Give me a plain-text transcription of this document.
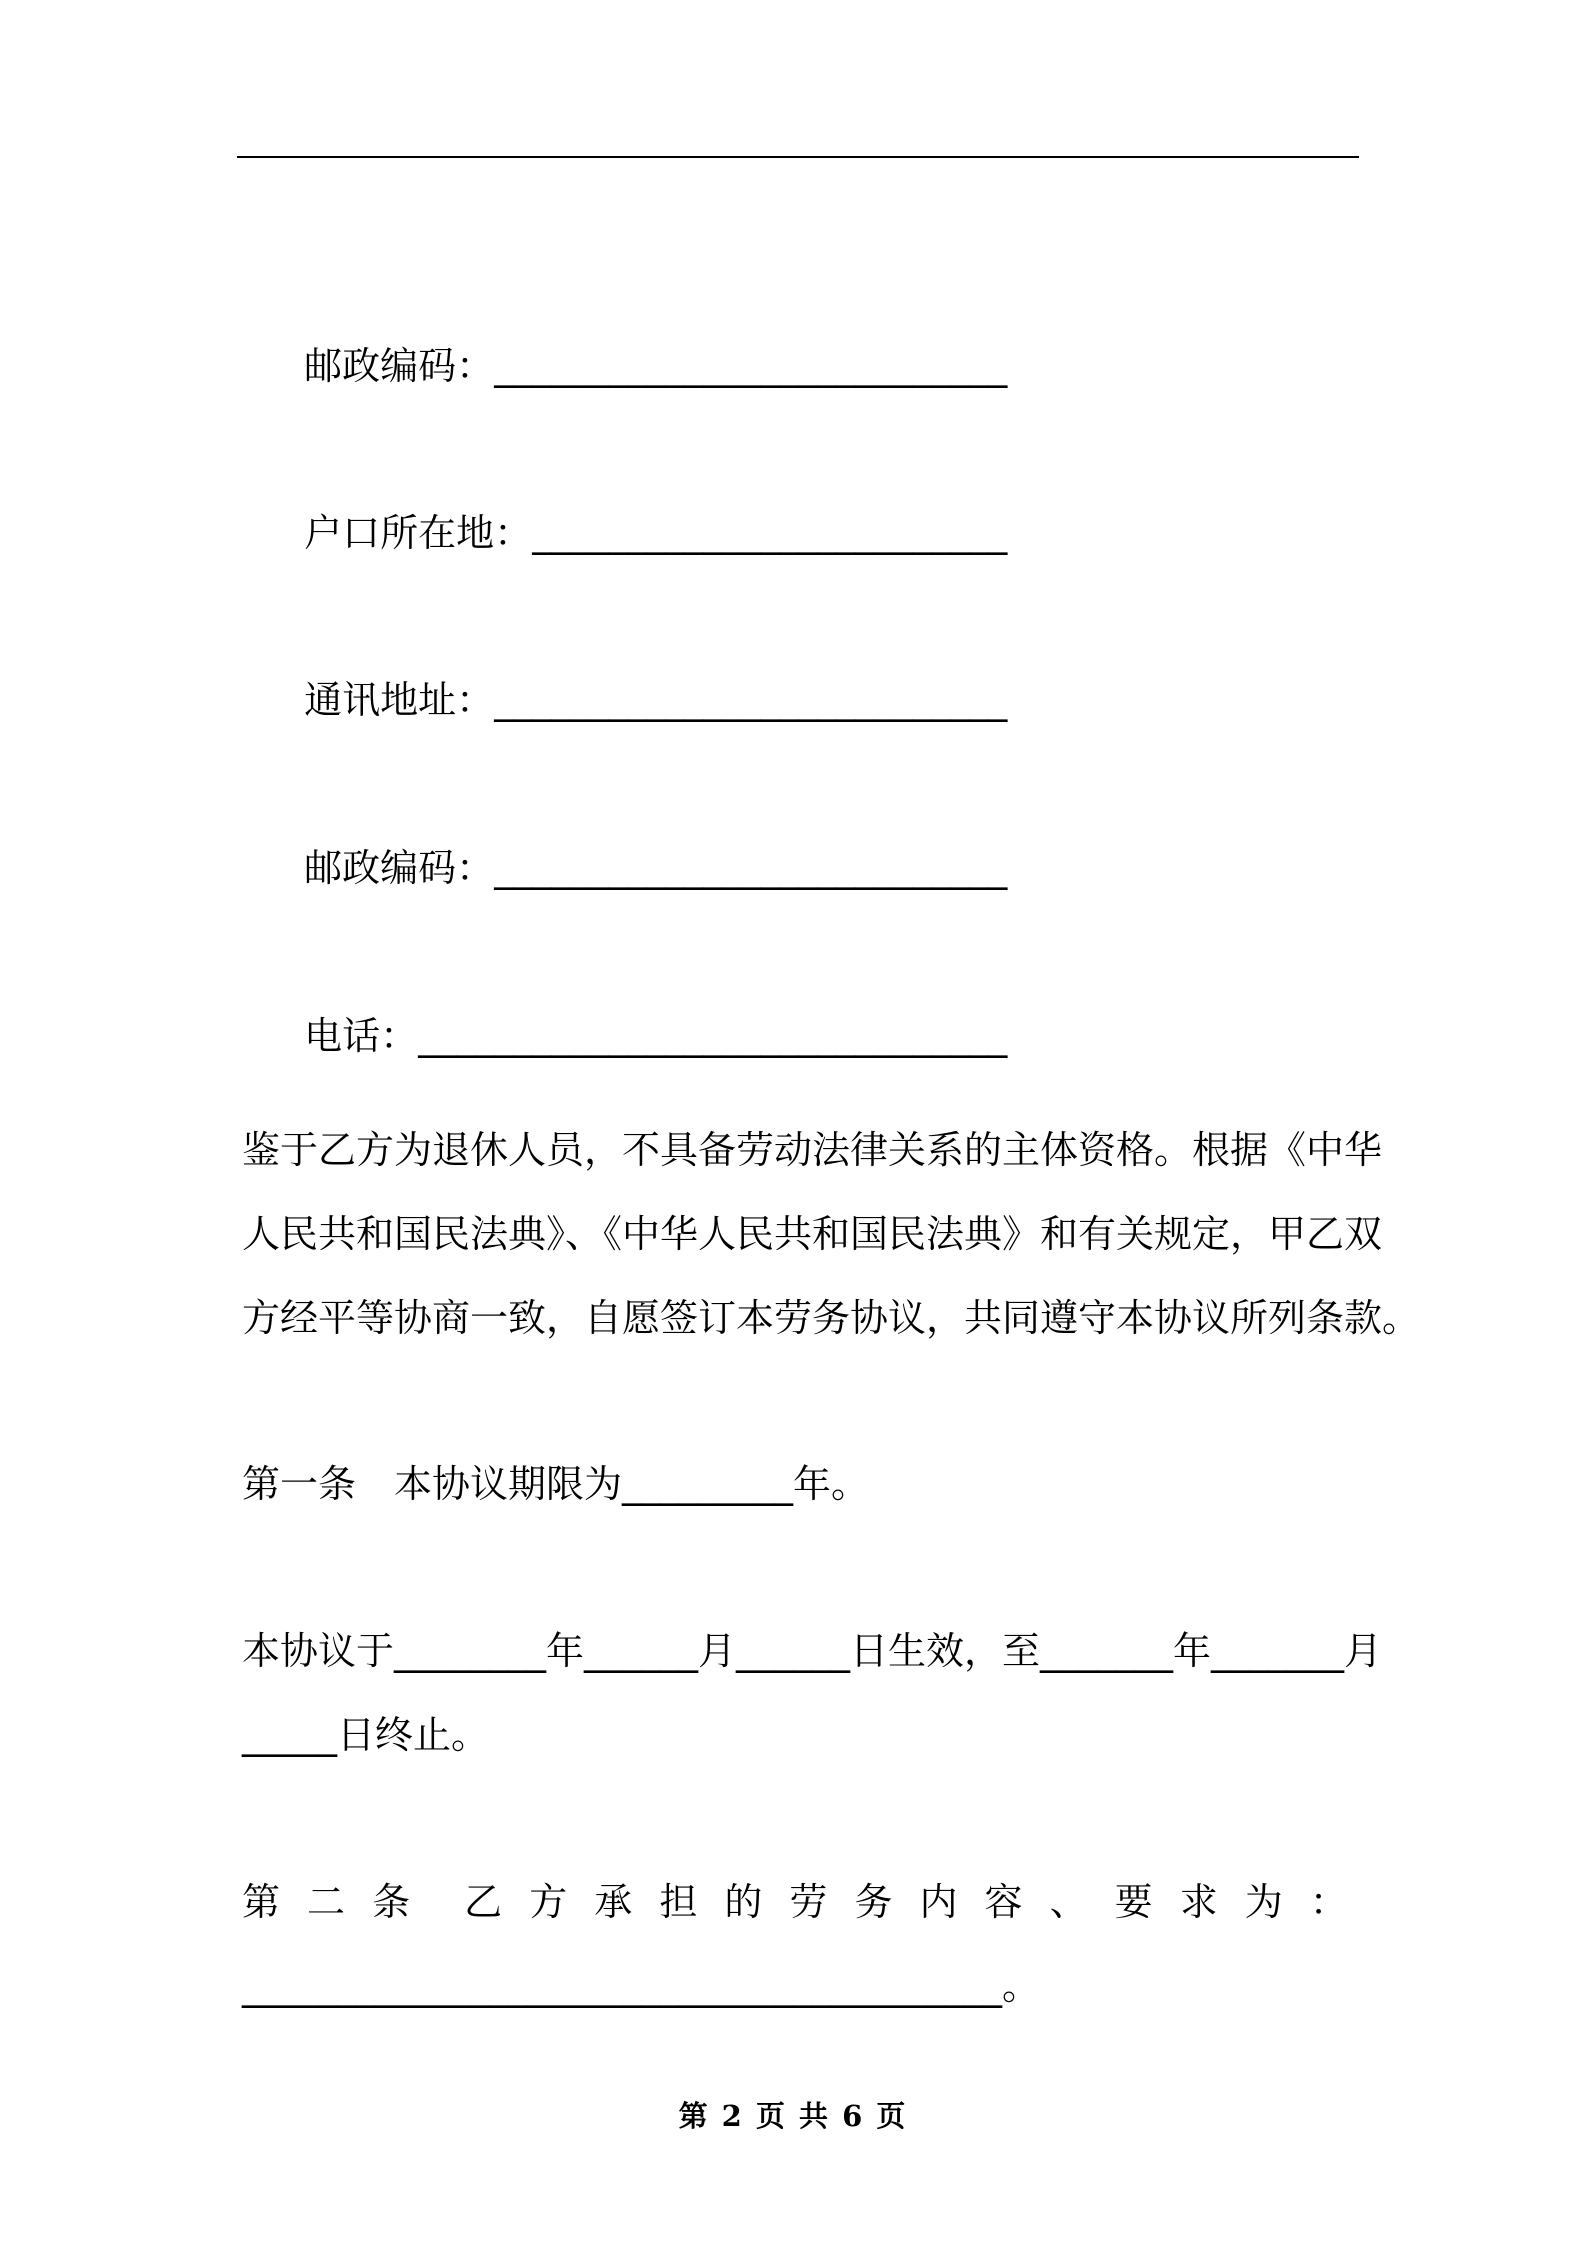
邮政编码：___________________________

户口所在地：_________________________

通讯地址：___________________________

邮政编码：___________________________

电话：_______________________________

鉴于乙方为退休人员，不具备劳动法律关系的主体资格。根据《中华
人民共和国民法典》、《中华人民共和国民法典》和有关规定，甲乙双
方经平等协商一致，自愿签订本劳务协议，共同遵守本协议所列条款。
第一条　本协议期限为_________年。
本协议于________年______月______日生效，至_______年_______月
_____日终止。
第 二 条 乙 方 承 担 的 劳 务 内 容 、 要 求 为 ：
________________________________________。
第 2 页 共 6 页
